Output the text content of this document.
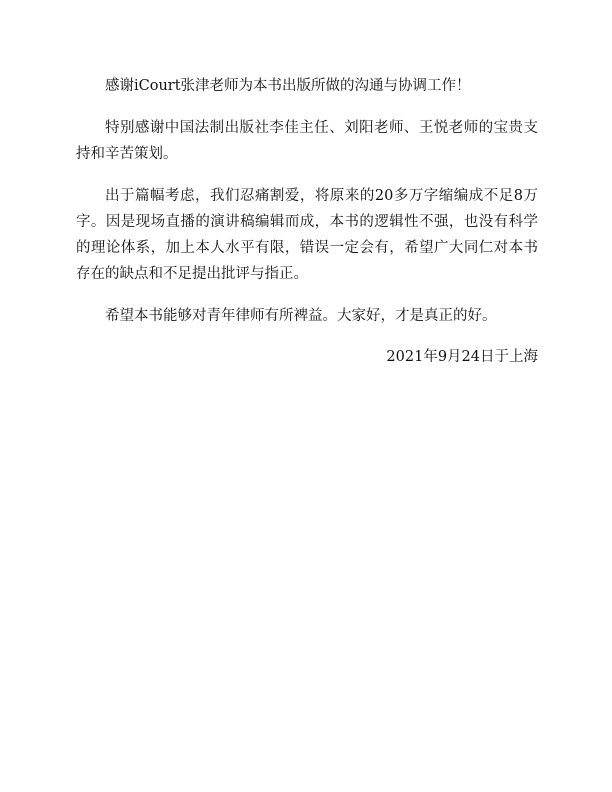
感谢iCourt张津老师为本书出版所做的沟通与协调工作！

特别感谢中国法制出版社李佳主任、刘阳老师、王悦老师的宝贵支持和辛苦策划。

出于篇幅考虑，我们忍痛割爱，将原来的20多万字缩编成不足8万字。因是现场直播的演讲稿编辑而成，本书的逻辑性不强，也没有科学的理论体系，加上本人水平有限，错误一定会有，希望广大同仁对本书存在的缺点和不足提出批评与指正。

希望本书能够对青年律师有所裨益。大家好，才是真正的好。

2021年9月24日于上海
